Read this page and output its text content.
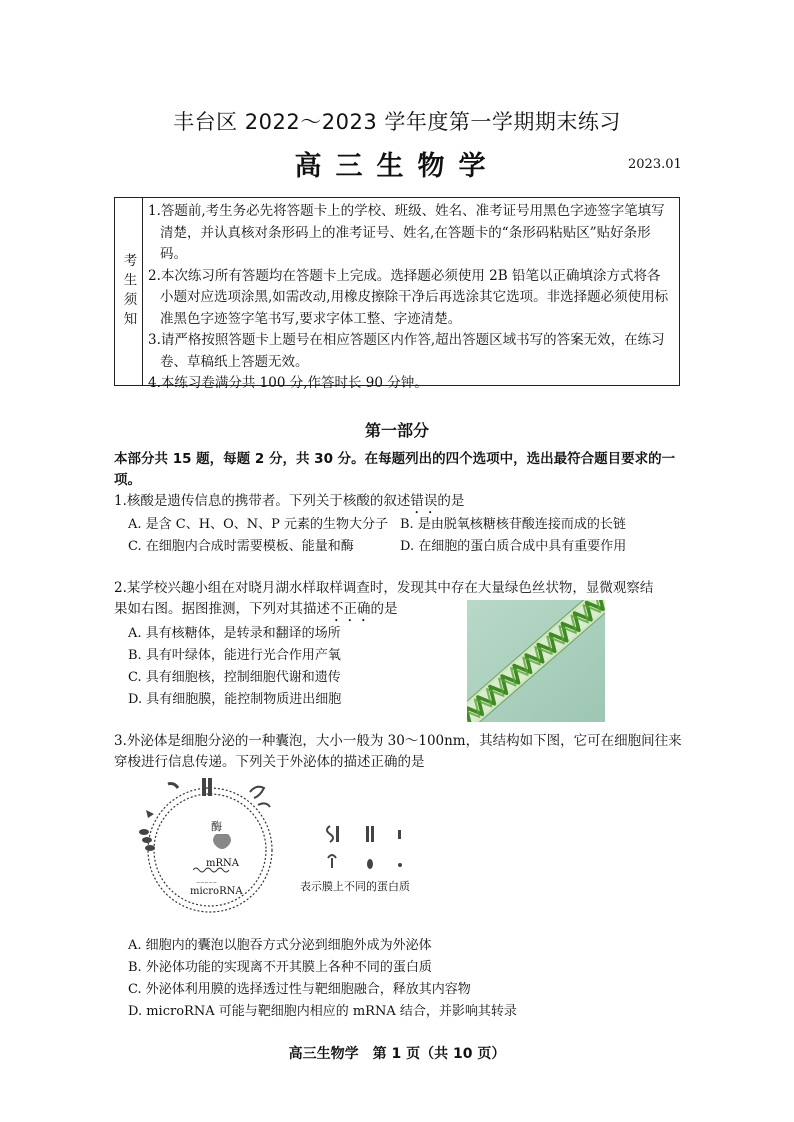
丰台区 2022～2023 学年度第一学期期末练习
高三生物学	2023.01
考生须知
1.答题前,考生务必先将答题卡上的学校、班级、姓名、准考证号用黑色字迹签字笔填写清楚，并认真核对条形码上的准考证号、姓名,在答题卡的“条形码粘贴区”贴好条形码。
2.本次练习所有答题均在答题卡上完成。选择题必须使用 2B 铅笔以正确填涂方式将各小题对应选项涂黑,如需改动,用橡皮擦除干净后再选涂其它选项。非选择题必须使用标准黑色字迹签字笔书写,要求字体工整、字迹清楚。
3.请严格按照答题卡上题号在相应答题区内作答,超出答题区域书写的答案无效，在练习卷、草稿纸上答题无效。
4.本练习卷满分共 100 分,作答时长 90 分钟。
第一部分
本部分共 15 题，每题 2 分，共 30 分。在每题列出的四个选项中，选出最符合题目要求的一项。
1.核酸是遗传信息的携带者。下列关于核酸的叙述错误的是
A. 是含 C、H、O、N、P 元素的生物大分子 B. 是由脱氧核糖核苷酸连接而成的长链
C. 在细胞内合成时需要模板、能量和酶	D. 在细胞的蛋白质合成中具有重要作用
2.某学校兴趣小组在对晓月湖水样取样调查时，发现其中存在大量绿色丝状物，显微观察结
果如右图。据图推测，下列对其描述不正确的是
A. 具有核糖体，是转录和翻译的场所
B. 具有叶绿体，能进行光合作用产氧
C. 具有细胞核，控制细胞代谢和遗传
D. 具有细胞膜，能控制物质进出细胞
3.外泌体是细胞分泌的一种囊泡，大小一般为 30～100nm，其结构如下图，它可在细胞间往来
穿梭进行信息传递。下列关于外泌体的描述正确的是
酶
mRNA
~~~~~
microRNA	表示膜上不同的蛋白质
A. 细胞内的囊泡以胞吞方式分泌到细胞外成为外泌体
B. 外泌体功能的实现离不开其膜上各种不同的蛋白质
C. 外泌体利用膜的选择透过性与靶细胞融合，释放其内容物
D. microRNA 可能与靶细胞内相应的 mRNA 结合，并影响其转录
高三生物学　第 1 页（共 10 页）
